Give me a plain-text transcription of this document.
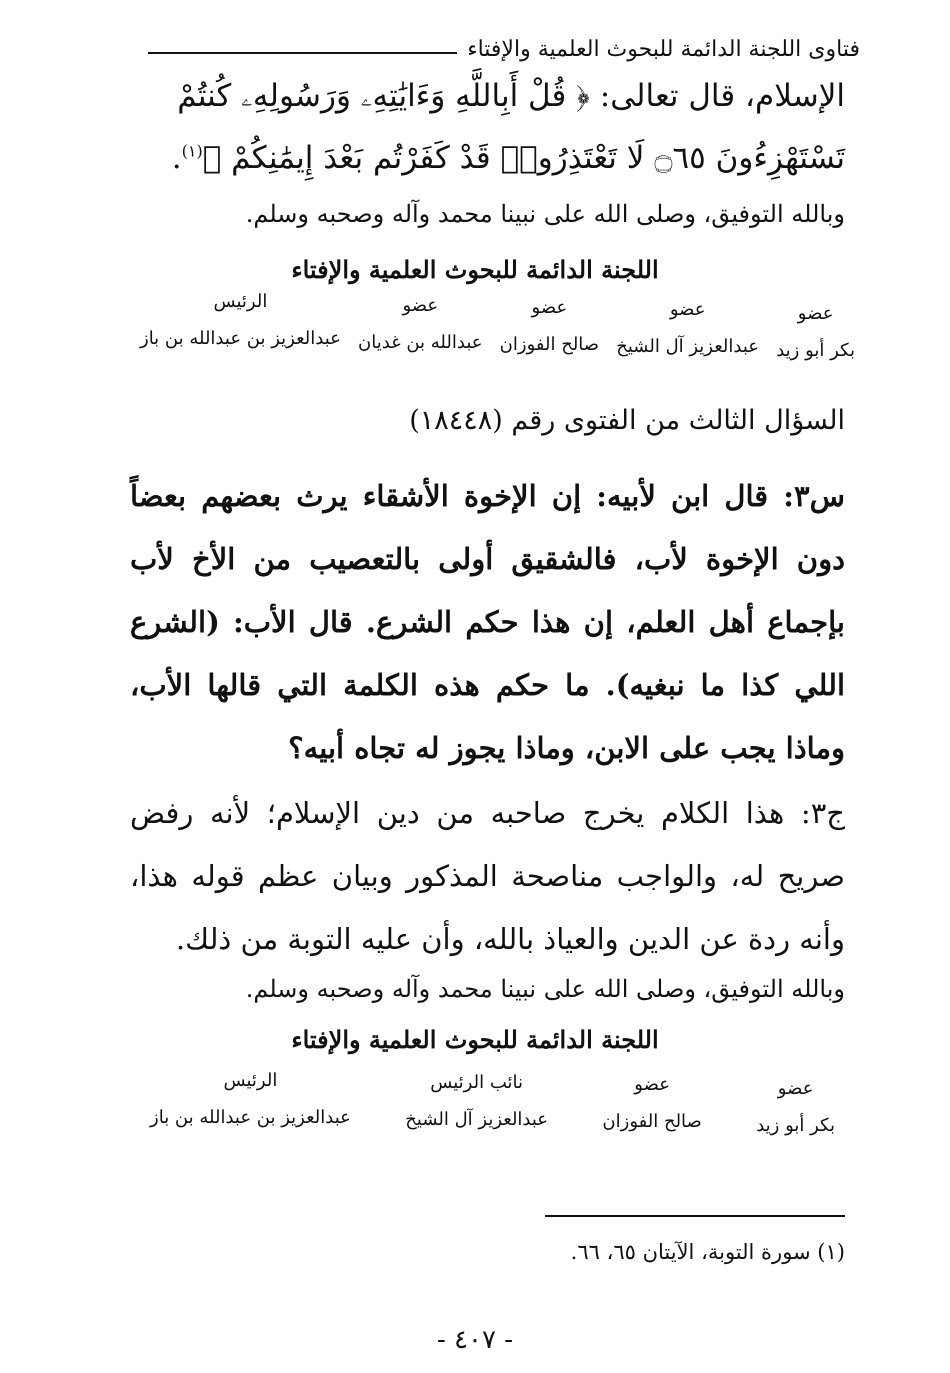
فتاوى اللجنة الدائمة للبحوث العلمية والإفتاء
الإسلام، قال تعالى: ﴿ قُلْ أَبِاللَّهِ وَءَايَٰتِهِۦ وَرَسُولِهِۦ كُنتُمْ
تَسْتَهْزِءُونَ ۝٦٥ لَا تَعْتَذِرُوا۟ قَدْ كَفَرْتُم بَعْدَ إِيمَٰنِكُمْ ﴾$^{(١)}$.
وبالله التوفيق، وصلى الله على نبينا محمد وآله وصحبه وسلم.
اللجنة الدائمة للبحوث العلمية والإفتاء
عضو
بكر أبو زيد
عضو
عبدالعزيز آل الشيخ
عضو
صالح الفوزان
عضو
عبدالله بن غديان
الرئيس
عبدالعزيز بن عبدالله بن باز
السؤال الثالث من الفتوى رقم (١٨٤٤٨)
س٣: قال ابن لأبيه: إن الإخوة الأشقاء يرث بعضهم بعضاً دون الإخوة لأب، فالشقيق أولى بالتعصيب من الأخ لأب بإجماع أهل العلم، إن هذا حكم الشرع. قال الأب: (الشرع اللي كذا ما نبغيه). ما حكم هذه الكلمة التي قالها الأب، وماذا يجب على الابن، وماذا يجوز له تجاه أبيه؟
ج٣: هذا الكلام يخرج صاحبه من دين الإسلام؛ لأنه رفض صريح له، والواجب مناصحة المذكور وبيان عظم قوله هذا، وأنه ردة عن الدين والعياذ بالله، وأن عليه التوبة من ذلك.
وبالله التوفيق، وصلى الله على نبينا محمد وآله وصحبه وسلم.
اللجنة الدائمة للبحوث العلمية والإفتاء
عضو
بكر أبو زيد
عضو
صالح الفوزان
نائب الرئيس
عبدالعزيز آل الشيخ
الرئيس
عبدالعزيز بن عبدالله بن باز
(١) سورة التوبة، الآيتان ٦٥، ٦٦.
- ٤٠٧ -
